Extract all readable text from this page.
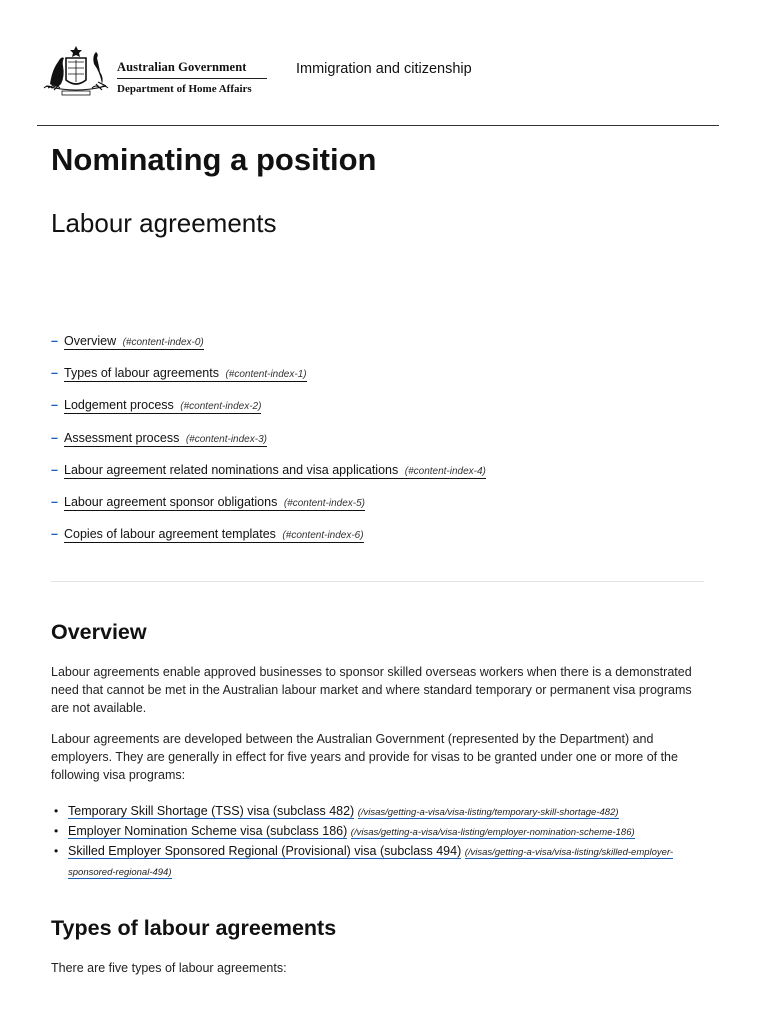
Australian Government
Department of Home Affairs
Immigration and citizenship
Nominating a position
Labour agreements
– Overview (#content-index-0)
– Types of labour agreements (#content-index-1)
– Lodgement process (#content-index-2)
– Assessment process (#content-index-3)
– Labour agreement related nominations and visa applications (#content-index-4)
– Labour agreement sponsor obligations (#content-index-5)
– Copies of labour agreement templates (#content-index-6)
Overview

Labour agreements enable approved businesses to sponsor skilled overseas workers when there is a demonstrated need that cannot be met in the Australian labour market and where standard temporary or permanent visa programs are not available.

Labour agreements are developed between the Australian Government (represented by the Department) and employers. They are generally in effect for five years and provide for visas to be granted under one or more of the following visa programs:

• Temporary Skill Shortage (TSS) visa (subclass 482) (/visas/getting-a-visa/visa-listing/temporary-skill-shortage-482)
• Employer Nomination Scheme visa (subclass 186) (/visas/getting-a-visa/visa-listing/employer-nomination-scheme-186)
• Skilled Employer Sponsored Regional (Provisional) visa (subclass 494) (/visas/getting-a-visa/visa-listing/skilled-employer-sponsored-regional-494)
Types of labour agreements

There are five types of labour agreements:
